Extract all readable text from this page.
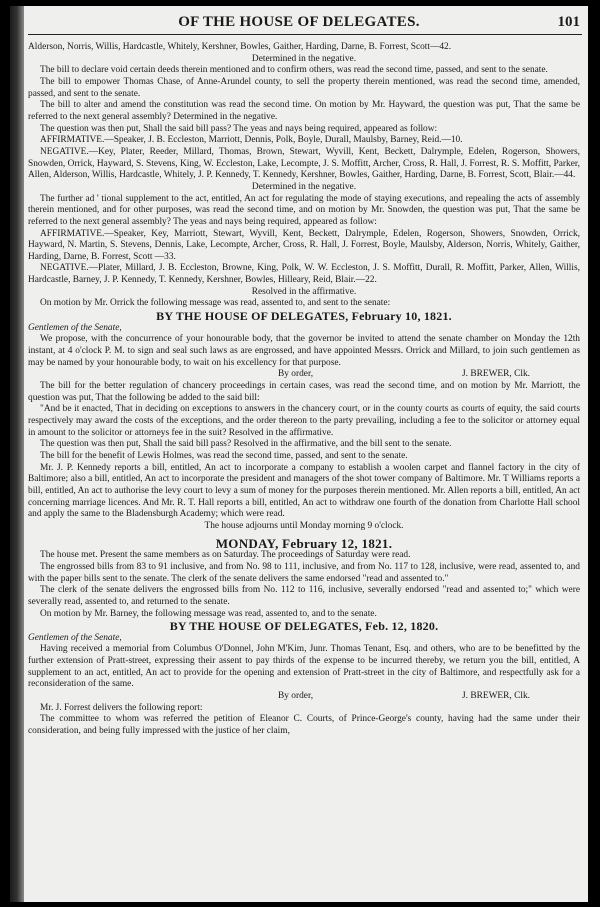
OF THE HOUSE OF DELEGATES.	101

Alderson, Norris, Willis, Hardcastle, Whitely, Kershner, Bowles, Gaither, Harding, Darne, B. Forrest, Scott—42.

Determined in the negative.

The bill to declare void certain deeds therein mentioned and to confirm others, was read the second time, passed, and sent to the senate.

The bill to empower Thomas Chase, of Anne-Arundel county, to sell the property therein mentioned, was read the second time, amended, passed, and sent to the senate.

The bill to alter and amend the constitution was read the second time. On motion by Mr. Hayward, the question was put, That the same be referred to the next general assembly? Determined in the negative.

The question was then put, Shall the said bill pass? The yeas and nays being required, appeared as follow:

AFFIRMATIVE.—Speaker, J. B. Eccleston, Marriott, Dennis, Polk, Boyle, Durall, Maulsby, Barney, Reid.—10.

NEGATIVE.—Key, Plater, Reeder, Millard, Thomas, Brown, Stewart, Wyvill, Kent, Beckett, Dalrymple, Edelen, Rogerson, Showers, Snowden, Orrick, Hayward, S. Stevens, King, W. Eccleston, Lake, Lecompte, J. S. Moffitt, Archer, Cross, R. Hall, J. Forrest, R. S. Moffitt, Parker, Allen, Alderson, Willis, Hardcastle, Whitely, J. P. Kennedy, T. Kennedy, Kershner, Bowles, Gaither, Harding, Darne, B. Forrest, Scott, Blair.—44.

Determined in the negative.

The further ad ' tional supplement to the act, entitled, An act for regulating the mode of staying executions, and repealing the acts of assembly therein mentioned, and for other purposes, was read the second time, and on motion by Mr. Snowden, the question was put, That the same be referred to the next general assembly? The yeas and nays being required, appeared as follow:

AFFIRMATIVE.—Speaker, Key, Marriott, Stewart, Wyvill, Kent, Beckett, Dalrymple, Edelen, Rogerson, Showers, Snowden, Orrick, Hayward, N. Martin, S. Stevens, Dennis, Lake, Lecompte, Archer, Cross, R. Hall, J. Forrest, Boyle, Maulsby, Alderson, Norris, Whitely, Gaither, Harding, Darne, B. Forrest, Scott —33.

NEGATIVE.—Plater, Millard, J. B. Eccleston, Browne, King, Polk, W. W. Eccleston, J. S. Moffitt, Durall, R. Moffitt, Parker, Allen, Willis, Hardcastle, Barney, J. P. Kennedy, T. Kennedy, Kershner, Bowles, Hilleary, Reid, Blair.—22.

Resolved in the affirmative.

On motion by Mr. Orrick the following message was read, assented to, and sent to the senate:

BY THE HOUSE OF DELEGATES, February 10, 1821.

Gentlemen of the Senate,

We propose, with the concurrence of your honourable body, that the governor be invited to attend the senate chamber on Monday the 12th instant, at 4 o'clock P. M. to sign and seal such laws as are engrossed, and have appointed Messrs. Orrick and Millard, to join such gentlemen as may be named by your honourable body, to wait on his excellency for that purpose.

By order,	J. BREWER, Clk.

The bill for the better regulation of chancery proceedings in certain cases, was read the second time, and on motion by Mr. Marriott, the question was put, That the following be added to the said bill:

"And be it enacted, That in deciding on exceptions to answers in the chancery court, or in the county courts as courts of equity, the said courts respectively may award the costs of the exceptions, and the order thereon to the party prevailing, including a fee to the solicitor or attorney equal in amount to the solicitor or attorneys fee in the suit? Resolved in the affirmative.

The question was then put, Shall the said bill pass? Resolved in the affirmative, and the bill sent to the senate.

The bill for the benefit of Lewis Holmes, was read the second time, passed, and sent to the senate.

Mr. J. P. Kennedy reports a bill, entitled, An act to incorporate a company to establish a woolen carpet and flannel factory in the city of Baltimore; also a bill, entitled, An act to incorporate the president and managers of the shot tower company of Baltimore. Mr. T Williams reports a bill, entitled, An act to authorise the levy court to levy a sum of money for the purposes therein mentioned. Mr. Allen reports a bill, entitled, An act concerning marriage licences. And Mr. R. T. Hall reports a bill, entitled, An act to withdraw one fourth of the donation from Charlotte Hall school and apply the same to the Bladensburgh Academy; which were read.

The house adjourns until Monday morning 9 o'clock.

MONDAY, February 12, 1821.

The house met. Present the same members as on Saturday. The proceedings of Saturday were read.

The engrossed bills from 83 to 91 inclusive, and from No. 98 to 111, inclusive, and from No. 117 to 128, inclusive, were read, assented to, and with the paper bills sent to the senate. The clerk of the senate delivers the same endorsed "read and assented to."

The clerk of the senate delivers the engrossed bills from No. 112 to 116, inclusive, severally endorsed "read and assented to;" which were severally read, assented to, and returned to the senate.

On motion by Mr. Barney, the following message was read, assented to, and to the senate.

BY THE HOUSE OF DELEGATES, Feb. 12, 1820.

Gentlemen of the Senate,

Having received a memorial from Columbus O'Donnel, John M'Kim, Junr. Thomas Tenant, Esq. and others, who are to be benefitted by the further extension of Pratt-street, expressing their assent to pay thirds of the expense to be incurred thereby, we return you the bill, entitled, A supplement to an act, entitled, An act to provide for the opening and extension of Pratt-street in the city of Baltimore, and respectfully ask for a reconsideration of the same.

By order,	J. BREWER, Clk.

Mr. J. Forrest delivers the following report:

The committee to whom was referred the petition of Eleanor C. Courts, of Prince-George's county, having had the same under their consideration, and being fully impressed with the justice of her claim,
